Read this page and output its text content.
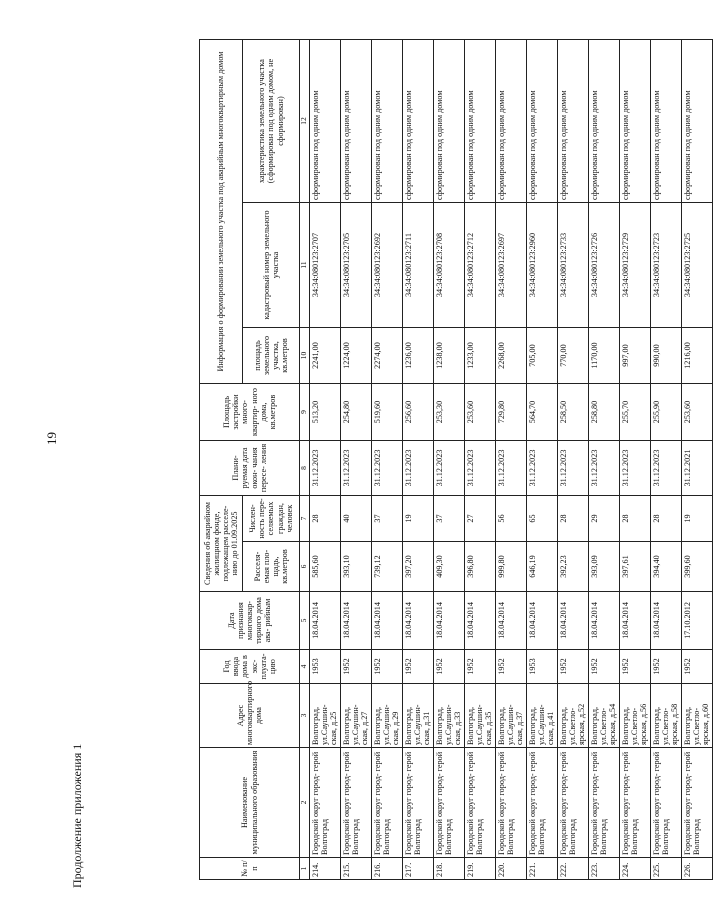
19
Продолжение приложения 1	№ п/п	Наименование муниципального образования	Адрес многоквартирного дома	Год ввода дома в экс- плуата- цию	Дата признания многоквар- тирного дома ава- рийным	Сведения об аварийном жилищном фонде, подлежащем расселе- нию до 01.09.2025		Плани- руемая дата окон- чания пересе- ления	Площадь застройки много- квартир- ного дома, кв.метров	Информация о формировании земельного участка под аварийным многоквартирным домом		
					Расселя- емая пло- щадь, кв.метров	Числен- ность пере- селяемых граждан, человек			площадь земельного участка, кв.метров	кадастровый номер земельного участка	характеристика земельного участка (сформирован под одним домом, не сформирован)
1	2	3	4	5	6	7	8	9	10	11	12
214.	Городской округ город- герой Волгоград	Волгоград, ул.Саушин- ская, д.25	1953	18.04.2014	585,60	28	31.12.2023	513,20	2241,00	34:34:080123:2707	сформирован под одним домом
215.	Городской округ город- герой Волгоград	Волгоград, ул.Саушин- ская, д.27	1952	18.04.2014	393,10	40	31.12.2023	254,80	1224,00	34:34:080123:2705	сформирован под одним домом
216.	Городской округ город- герой Волгоград	Волгоград, ул.Саушин- ская, д.29	1952	18.04.2014	739,12	37	31.12.2023	519,60	2274,00	34:34:080123:2692	сформирован под одним домом
217.	Городской округ город- герой Волгоград	Волгоград, ул.Саушин- ская, д.31	1952	18.04.2014	397,20	19	31.12.2023	256,60	1236,00	34:34:080123:2711	сформирован под одним домом
218.	Городской округ город- герой Волгоград	Волгоград, ул.Саушин- ская, д.33	1952	18.04.2014	409,30	37	31.12.2023	253,30	1238,00	34:34:080123:2708	сформирован под одним домом
219.	Городской округ город- герой Волгоград	Волгоград, ул.Саушин- ская, д.35	1952	18.04.2014	396,80	27	31.12.2023	253,60	1233,00	34:34:080123:2712	сформирован под одним домом
220.	Городской округ город- герой Волгоград	Волгоград, ул.Саушин- ская, д.37	1952	18.04.2014	999,80	56	31.12.2023	729,80	2268,00	34:34:080123:2697	сформирован под одним домом
221.	Городской округ город- герой Волгоград	Волгоград, ул.Саушин- ская, д.41	1953	18.04.2014	646,19	65	31.12.2023	564,70	705,00	34:34:080123:2960	сформирован под одним домом
222.	Городской округ город- герой Волгоград	Волгоград, ул.Светло- ярская, д.52	1952	18.04.2014	392,23	28	31.12.2023	258,50	770,00	34:34:080123:2733	сформирован под одним домом
223.	Городской округ город- герой Волгоград	Волгоград, ул.Светло- ярская, д.54	1952	18.04.2014	393,09	29	31.12.2023	258,80	1170,00	34:34:080123:2726	сформирован под одним домом
224.	Городской округ город- герой Волгоград	Волгоград, ул.Светло- ярская, д.56	1952	18.04.2014	397,61	28	31.12.2023	255,70	997,00	34:34:080123:2729	сформирован под одним домом
225.	Городской округ город- герой Волгоград	Волгоград, ул.Светло- ярская, д.58	1952	18.04.2014	394,40	28	31.12.2023	255,90	990,00	34:34:080123:2723	сформирован под одним домом
226.	Городской округ город- герой Волгоград	Волгоград, ул.Светло- ярская, д.60	1952	17.10.2012	399,60	19	31.12.2021	253,60	1216,00	34:34:080123:2725	сформирован под одним домом
